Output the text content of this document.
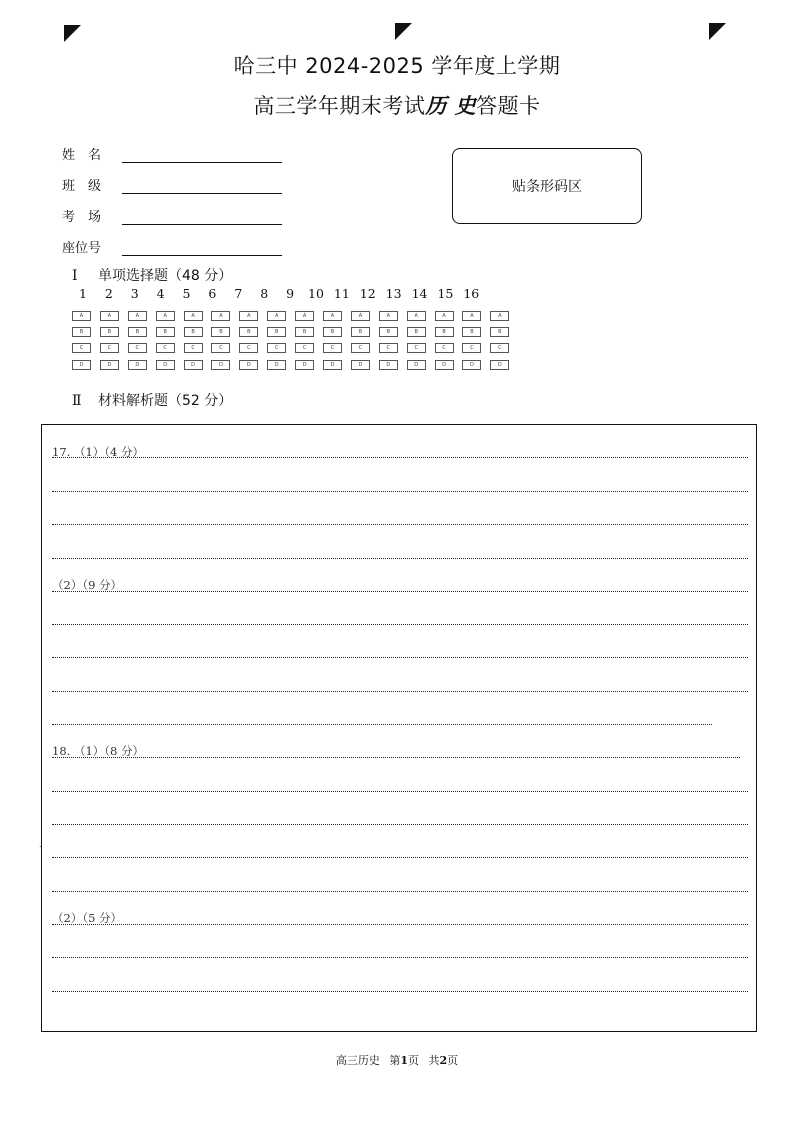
哈三中 2024-2025 学年度上学期
高三学年期末考试历 史答题卡
姓　名
班　级
考　场
座位号
贴条形码区
Ⅰ 单项选择题（48 分）
1	2	3	4	5	6	7	8	9	10 11 12 13 14 15 16
A	A	A	A	A	A	A	A	A	A	A	A	A	A	A	A
B	B	B	B	B	B	B	B	B	B	B	B	B	B	B	B
C	C	C	C	C	C	C	C	C	C	C	C	C	C	C	C
D	D	D	D	D	D	D	D	D	D	D	D	D	D	D	D
Ⅱ 材料解析题（52 分）
17. （1）（4 分）
（2）（9 分）
18. （1）（8 分）
（2）（5 分）
˙
高三历史 第1页 共2页
